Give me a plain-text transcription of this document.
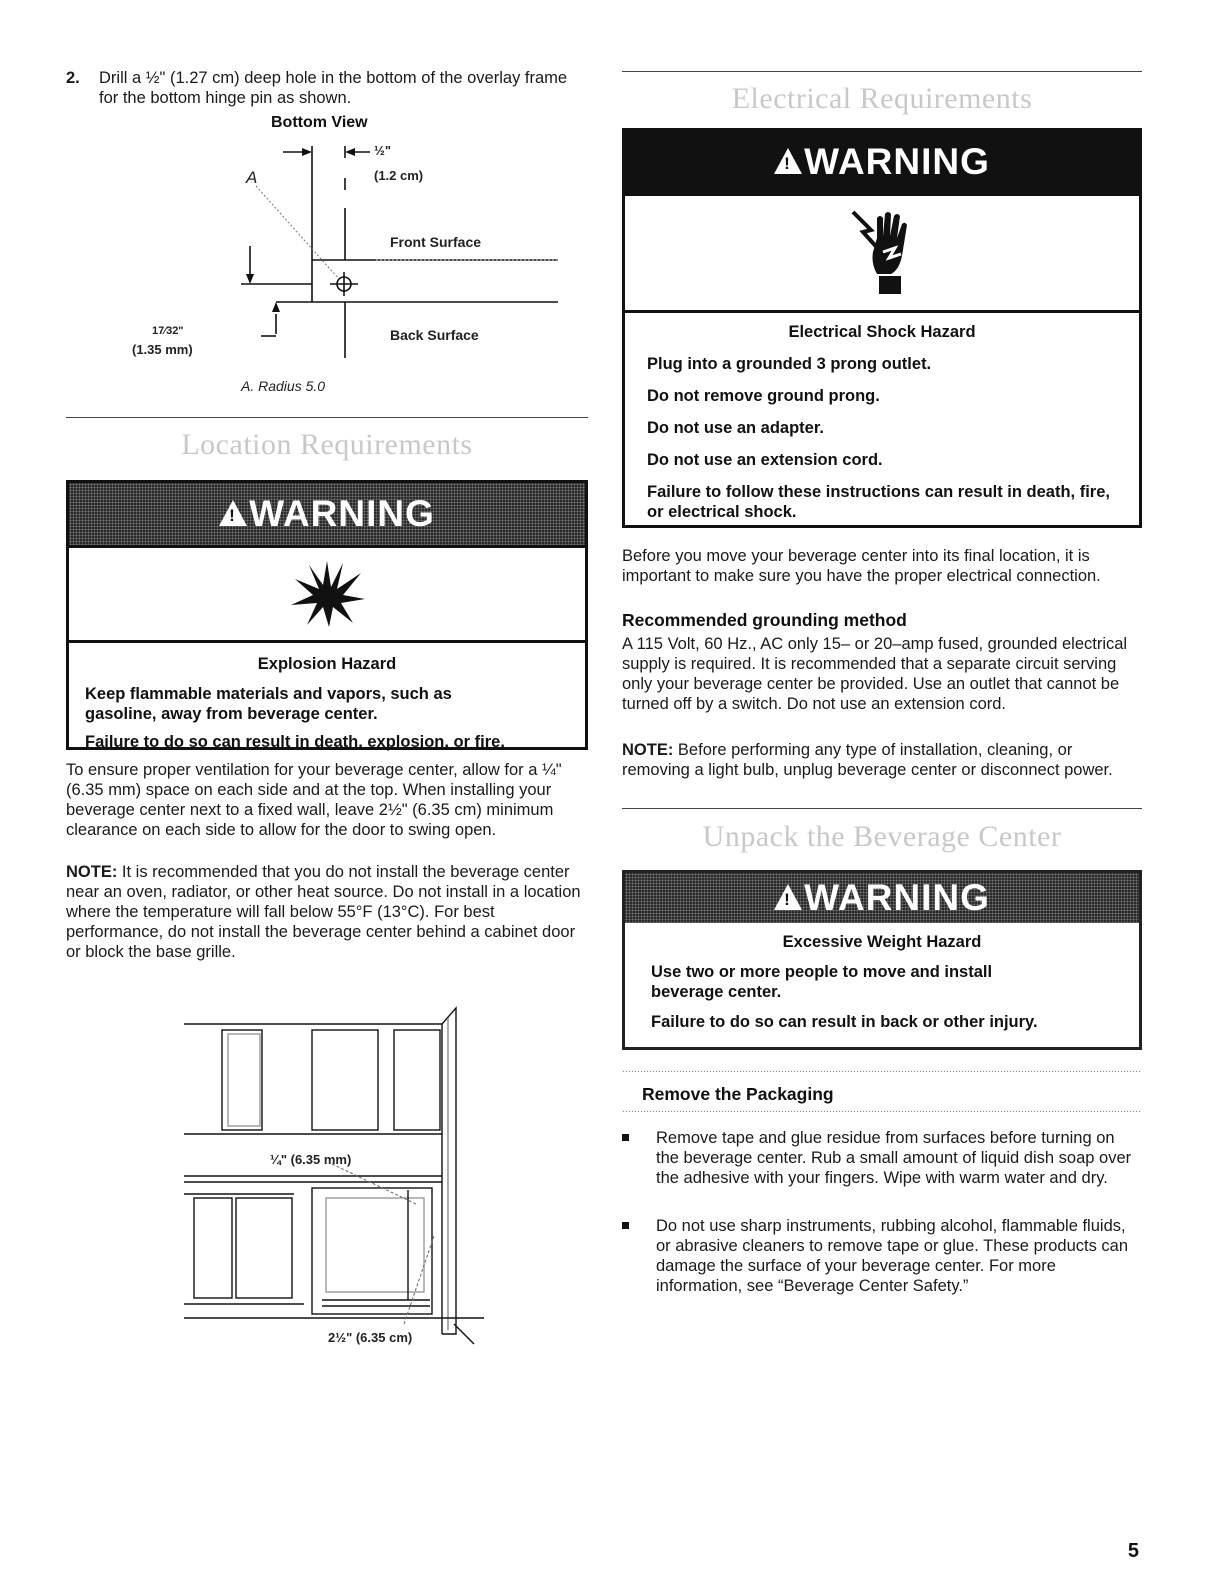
2. Drill a ½" (1.27 cm) deep hole in the bottom of the overlay frame for the bottom hinge pin as shown.

Bottom View
A
½"
(1.2 cm)
Front Surface
Back Surface
17⁄32"
(1.35 mm)
A. Radius 5.0
Location Requirements
!
WARNING
Explosion Hazard

Keep flammable materials and vapors, such as gasoline, away from beverage center.

Failure to do so can result in death, explosion, or fire.

To ensure proper ventilation for your beverage center, allow for a ¼" (6.35 mm) space on each side and at the top. When installing your beverage center next to a fixed wall, leave 2½" (6.35 cm) minimum clearance on each side to allow for the door to swing open.

NOTE: It is recommended that you do not install the beverage center near an oven, radiator, or other heat source. Do not install in a location where the temperature will fall below 55°F (13°C). For best performance, do not install the beverage center behind a cabinet door or block the base grille.

¼" (6.35 mm)
2½" (6.35 cm)
Electrical Requirements
!
WARNING
Electrical Shock Hazard

Plug into a grounded 3 prong outlet.

Do not remove ground prong.

Do not use an adapter.

Do not use an extension cord.

Failure to follow these instructions can result in death, fire, or electrical shock.

Before you move your beverage center into its final location, it is important to make sure you have the proper electrical connection.

Recommended grounding method

A 115 Volt, 60 Hz., AC only 15– or 20–amp fused, grounded electrical supply is required. It is recommended that a separate circuit serving only your beverage center be provided. Use an outlet that cannot be turned off by a switch. Do not use an extension cord.

NOTE: Before performing any type of installation, cleaning, or removing a light bulb, unplug beverage center or disconnect power.

Unpack the Beverage Center
!
WARNING
Excessive Weight Hazard

Use two or more people to move and install beverage center.

Failure to do so can result in back or other injury.

Remove the Packaging

Remove tape and glue residue from surfaces before turning on the beverage center. Rub a small amount of liquid dish soap over the adhesive with your fingers. Wipe with warm water and dry.

Do not use sharp instruments, rubbing alcohol, flammable fluids, or abrasive cleaners to remove tape or glue. These products can damage the surface of your beverage center. For more information, see “Beverage Center Safety.”

5
